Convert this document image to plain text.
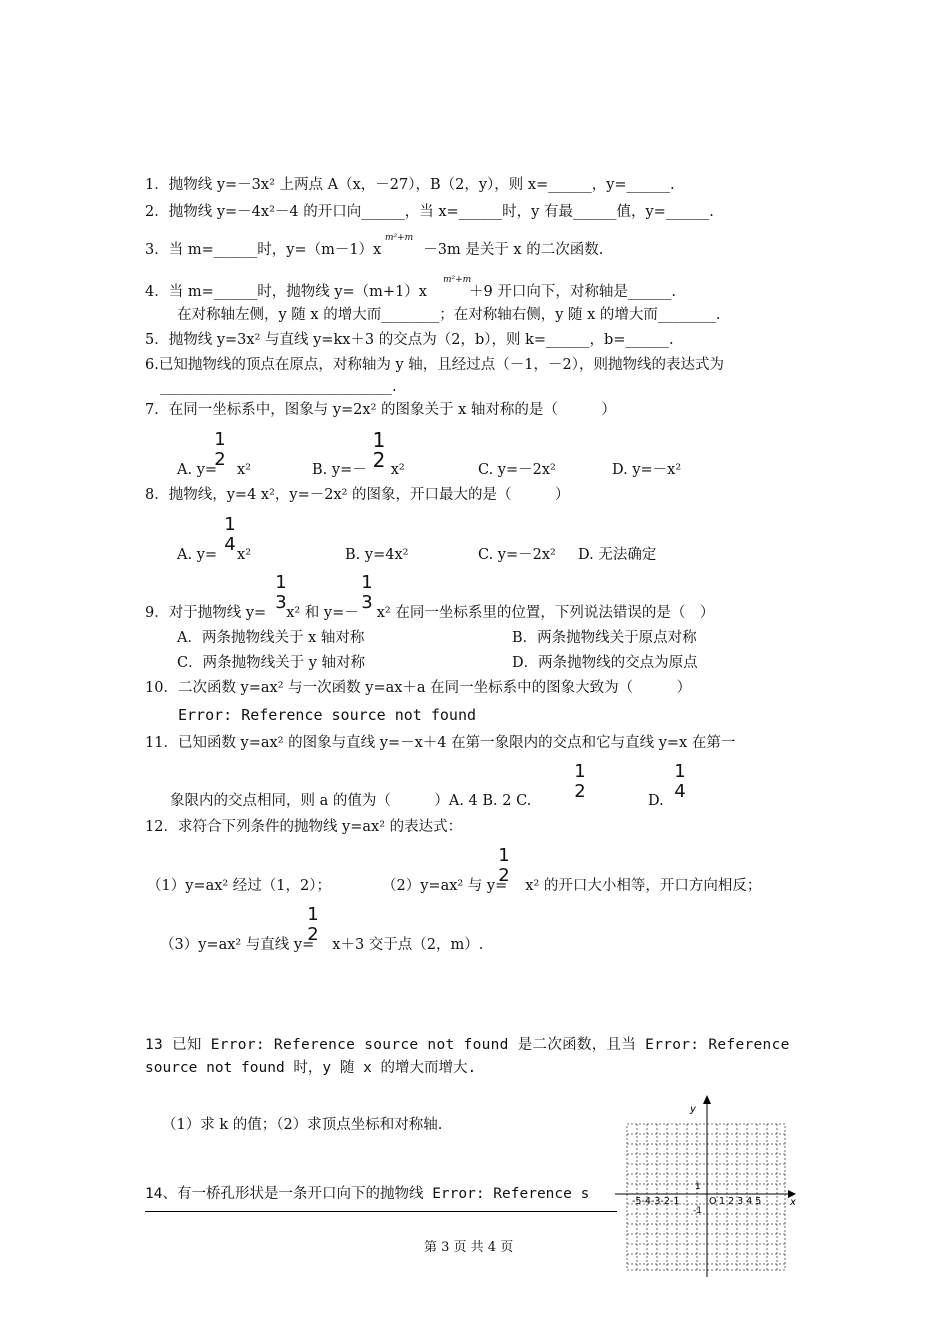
1．抛物线 y=－3x² 上两点 A（x，－27），B（2，y），则 x=______，y=______.
2．抛物线 y=－4x²－4 的开口向______，当 x=______时，y 有最______值，y=______.
3．当 m=______时，y=（m－1）x	－3m 是关于 x 的二次函数.
m²+m
4．当 m=______时，抛物线 y=（m+1）x	＋9 开口向下，对称轴是______.
m²+m
在对称轴左侧，y 随 x 的增大而________；在对称轴右侧，y 随 x 的增大而________.
5．抛物线 y=3x² 与直线 y=kx＋3 的交点为（2，b），则 k=______，b=______.
6.已知抛物线的顶点在原点，对称轴为 y 轴，且经过点（－1，－2），则抛物线的表达式为
________________________________.
7．在同一坐标系中，图象与 y=2x² 的图象关于 x 轴对称的是（　　　）
A. y= x²
1
2	B. y=－ x²
1
2	C. y=－2x²	D. y=－x²
8．抛物线，y=4 x²，y=－2x² 的图象，开口最大的是（　　　）
A. y= x²
1
4	B. y=4x²	C. y=－2x² D. 无法确定
9．对于抛物线 y= x² 和 y=－ x² 在同一坐标系里的位置，下列说法错误的是（　）
1
3
1
3
A．两条抛物线关于 x 轴对称	B．两条抛物线关于原点对称
C．两条抛物线关于 y 轴对称	D．两条抛物线的交点为原点
10．二次函数 y=ax² 与一次函数 y=ax＋a 在同一坐标系中的图象大致为（　　　）
Error: Reference source not found
11．已知函数 y=ax² 的图象与直线 y=－x＋4 在第一象限内的交点和它与直线 y=x 在第一
象限内的交点相同，则 a 的值为（　　　）A. 4 B. 2 C.
1
2	D.
1
4
12．求符合下列条件的抛物线 y=ax² 的表达式：
（1）y=ax² 经过（1，2）；	（2）y=ax² 与 y= x² 的开口大小相等，开口方向相反；
1
2
（3）y=ax² 与直线 y= x＋3 交于点（2，m）.
1
2
13 已知 Error: Reference source not found 是二次函数，且当 Error: Reference
source not found 时，y 随 x 的增大而增大.
（1）求 k 的值；（2）求顶点坐标和对称轴.
14、有一桥孔形状是一条开口向下的抛物线 Error: Reference s
第 3 页 共 4 页
y
x
-5-4-3-2-1	O 1 2 3 4 5
1
-1
